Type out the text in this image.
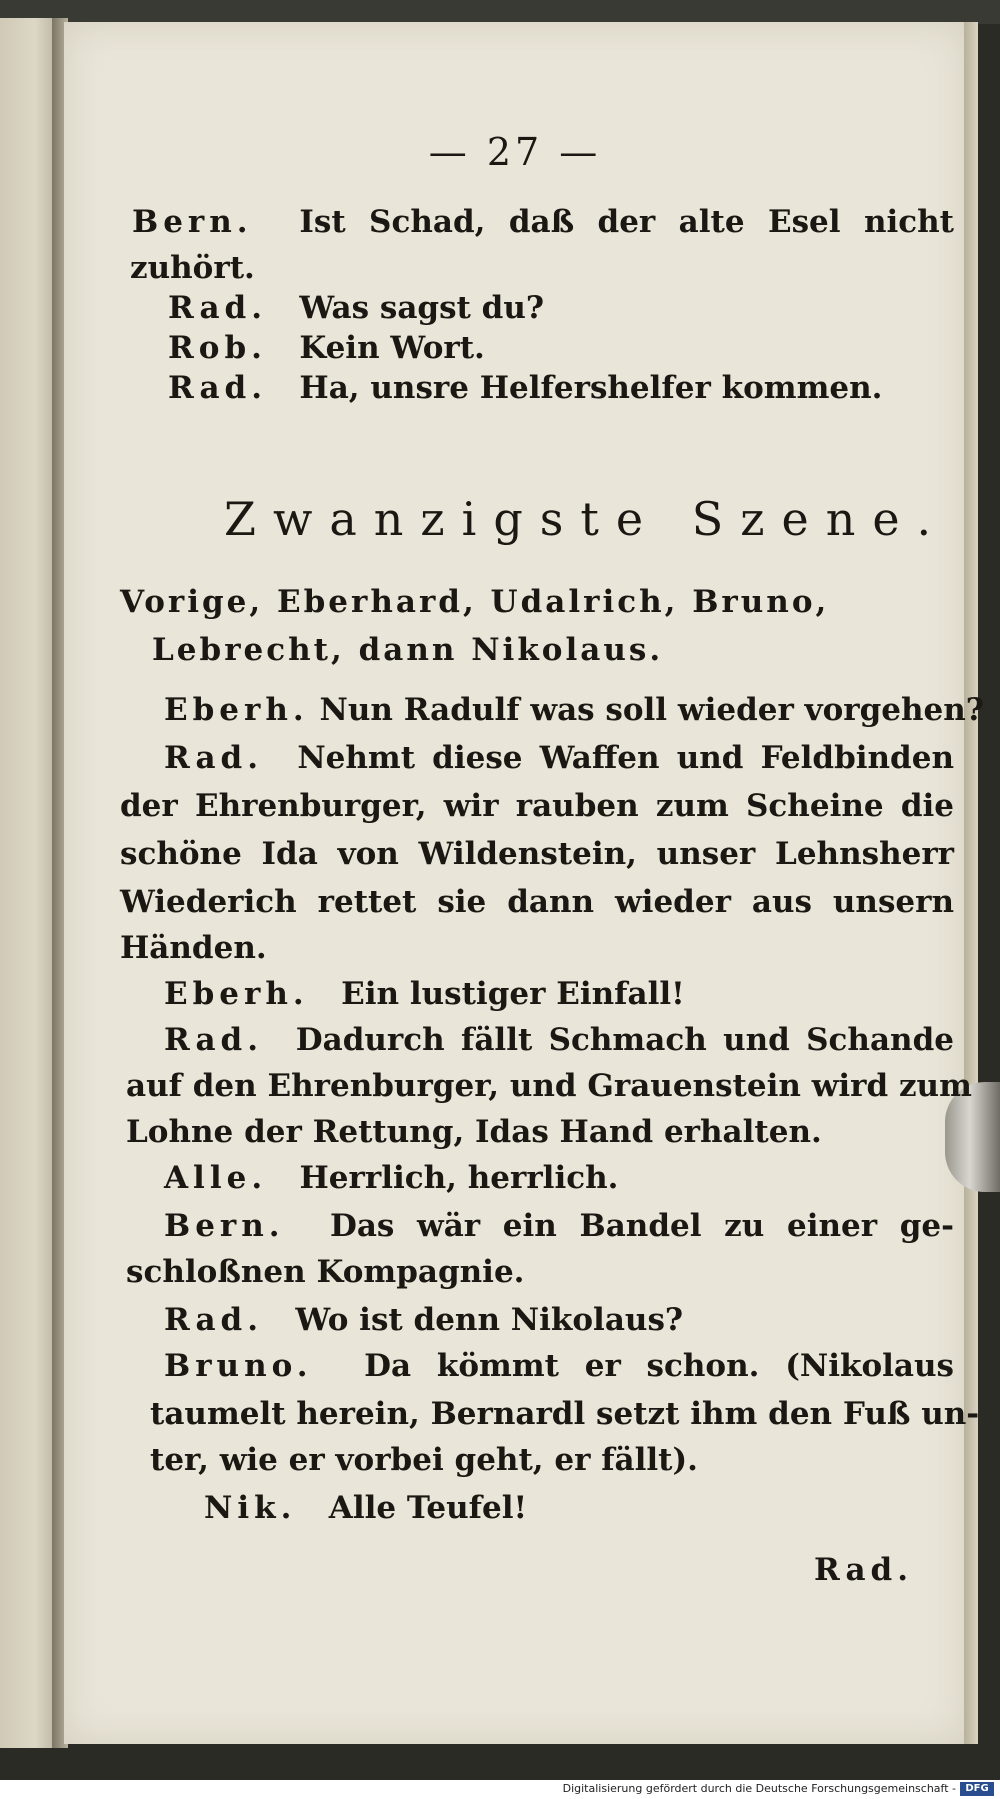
— 27 —
Bern. Ist Schad, daß der alte Esel nicht
zuhört.
Rad. Was sagst du?
Rob. Kein Wort.
Rad. Ha, unsre Helfershelfer kommen.
Zwanzigste Szene.
Vorige, Eberhard, Udalrich, Bruno,
Lebrecht, dann Nikolaus.
Eberh. Nun Radulf was soll wieder vorgehen?
Rad. Nehmt diese Waffen und Feldbinden
der Ehrenburger, wir rauben zum Scheine die
schöne Ida von Wildenstein, unser Lehnsherr
Wiederich rettet sie dann wieder aus unsern
Händen.
Eberh. Ein lustiger Einfall!
Rad. Dadurch fällt Schmach und Schande
auf den Ehrenburger, und Grauenstein wird zum
Lohne der Rettung, Idas Hand erhalten.
Alle. Herrlich, herrlich.
Bern. Das wär ein Bandel zu einer ge-
schloßnen Kompagnie.
Rad. Wo ist denn Nikolaus?
Bruno. Da kömmt er schon. (Nikolaus
taumelt herein, Bernardl setzt ihm den Fuß un-
ter, wie er vorbei geht, er fällt).
Nik. Alle Teufel!
Rad.
Digitalisierung gefördert durch die Deutsche Forschungsgemeinschaft - DFG
